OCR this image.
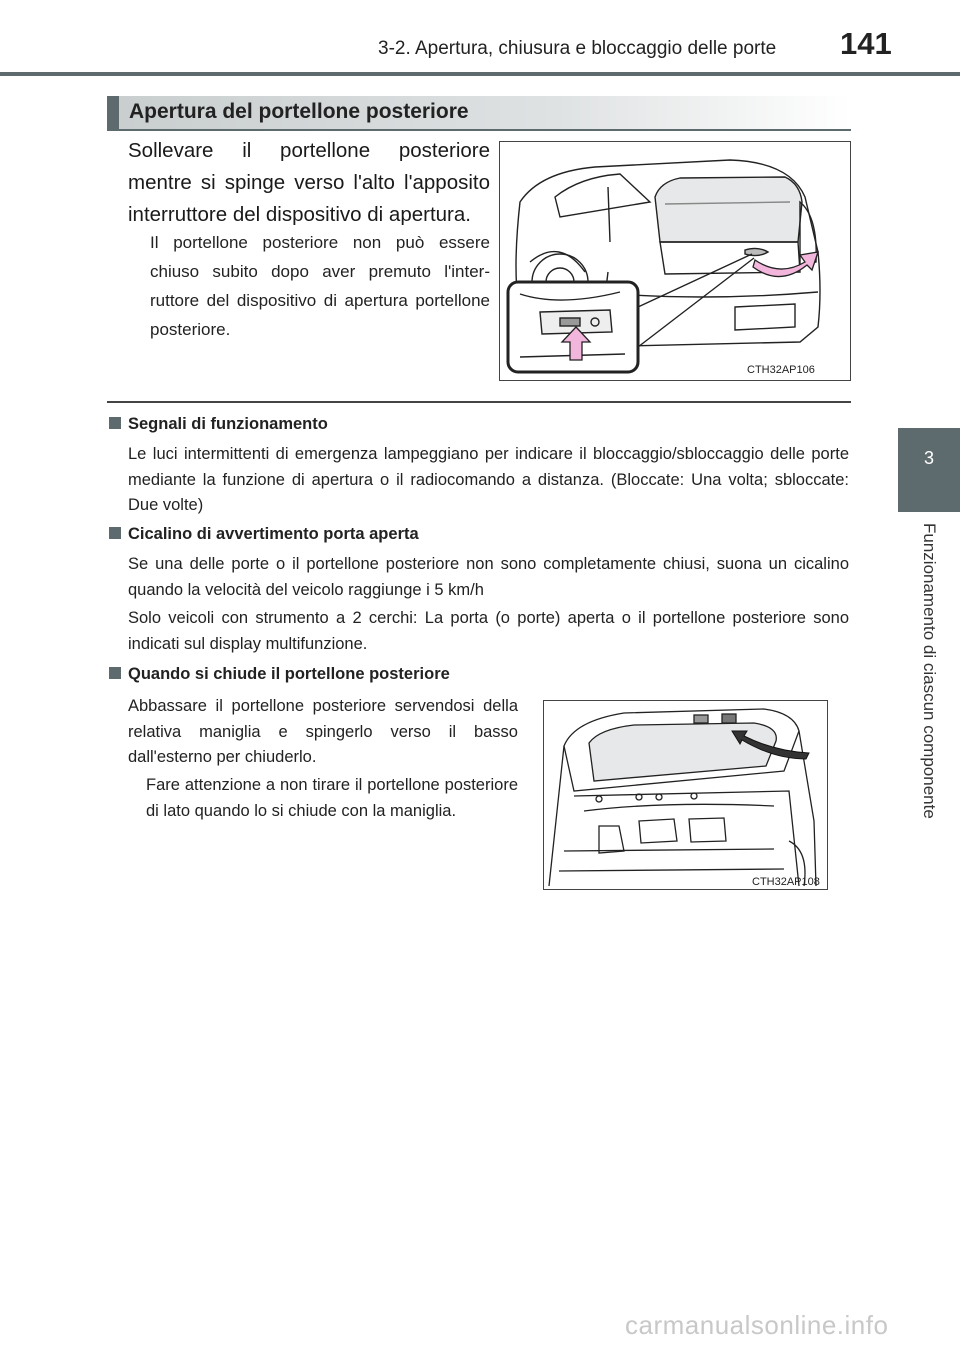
3-2. Apertura, chiusura e bloccaggio delle porte 141
3
Funzionamento di ciascun componente
Apertura del portellone posteriore
Sollevare il portellone posteriore mentre si spinge verso l'alto l'apposito interruttore del dispositivo di apertura.
Il portellone posteriore non può essere chiuso subito dopo aver premuto l'interruttore del dispositivo di apertura portellone posteriore.
CTH32AP106
Segnali di funzionamento
Le luci intermittenti di emergenza lampeggiano per indicare il bloccaggio/sbloccaggio delle porte mediante la funzione di apertura o il radiocomando a distanza. (Bloccate: Una volta; sbloccate: Due volte)
Cicalino di avvertimento porta aperta
Se una delle porte o il portellone posteriore non sono completamente chiusi, suona un cicalino quando la velocità del veicolo raggiunge i 5 km/h
Solo veicoli con strumento a 2 cerchi: La porta (o porte) aperta o il portellone posteriore sono indicati sul display multifunzione.
Quando si chiude il portellone posteriore
Abbassare il portellone posteriore servendosi della relativa maniglia e spingerlo verso il basso dall'esterno per chiuderlo.
Fare attenzione a non tirare il portellone posteriore di lato quando lo si chiude con la maniglia.
CTH32AP108
carmanualsonline.info
